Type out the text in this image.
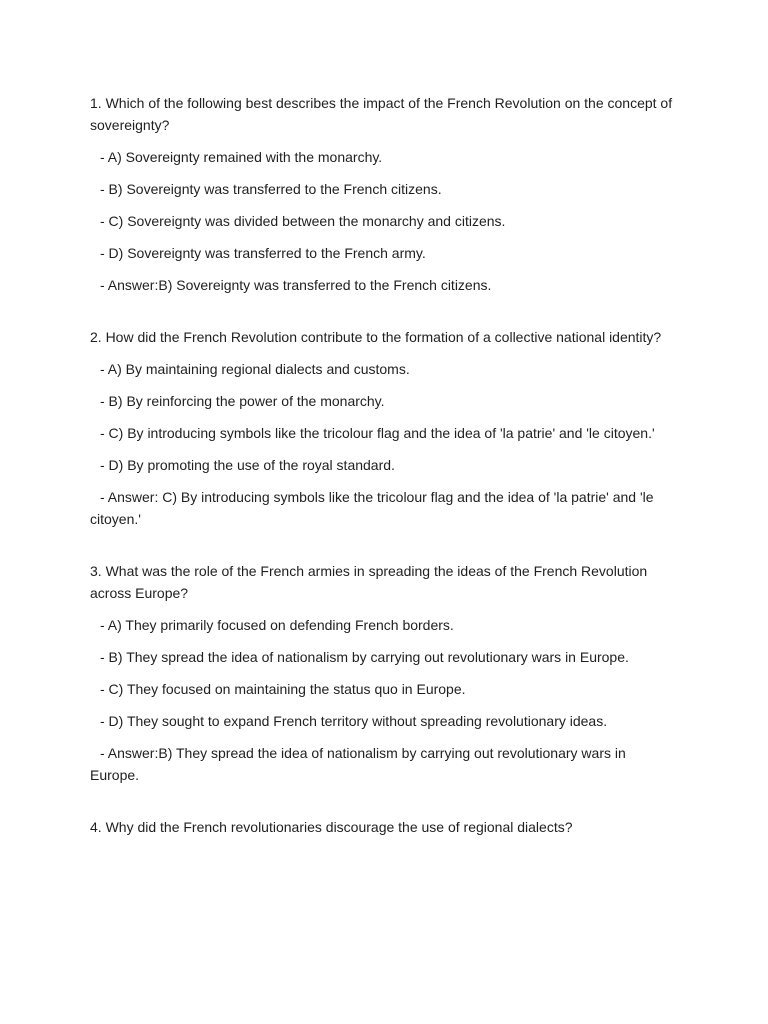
1. Which of the following best describes the impact of the French Revolution on the concept of sovereignty?

- A) Sovereignty remained with the monarchy.

- B) Sovereignty was transferred to the French citizens.

- C) Sovereignty was divided between the monarchy and citizens.

- D) Sovereignty was transferred to the French army.

- Answer:B) Sovereignty was transferred to the French citizens.

2. How did the French Revolution contribute to the formation of a collective national identity?

- A) By maintaining regional dialects and customs.

- B) By reinforcing the power of the monarchy.

- C) By introducing symbols like the tricolour flag and the idea of 'la patrie' and 'le citoyen.'

- D) By promoting the use of the royal standard.

- Answer: C) By introducing symbols like the tricolour flag and the idea of 'la patrie' and 'le citoyen.'

3. What was the role of the French armies in spreading the ideas of the French Revolution across Europe?

- A) They primarily focused on defending French borders.

- B) They spread the idea of nationalism by carrying out revolutionary wars in Europe.

- C) They focused on maintaining the status quo in Europe.

- D) They sought to expand French territory without spreading revolutionary ideas.

- Answer:B) They spread the idea of nationalism by carrying out revolutionary wars in Europe.

4. Why did the French revolutionaries discourage the use of regional dialects?
